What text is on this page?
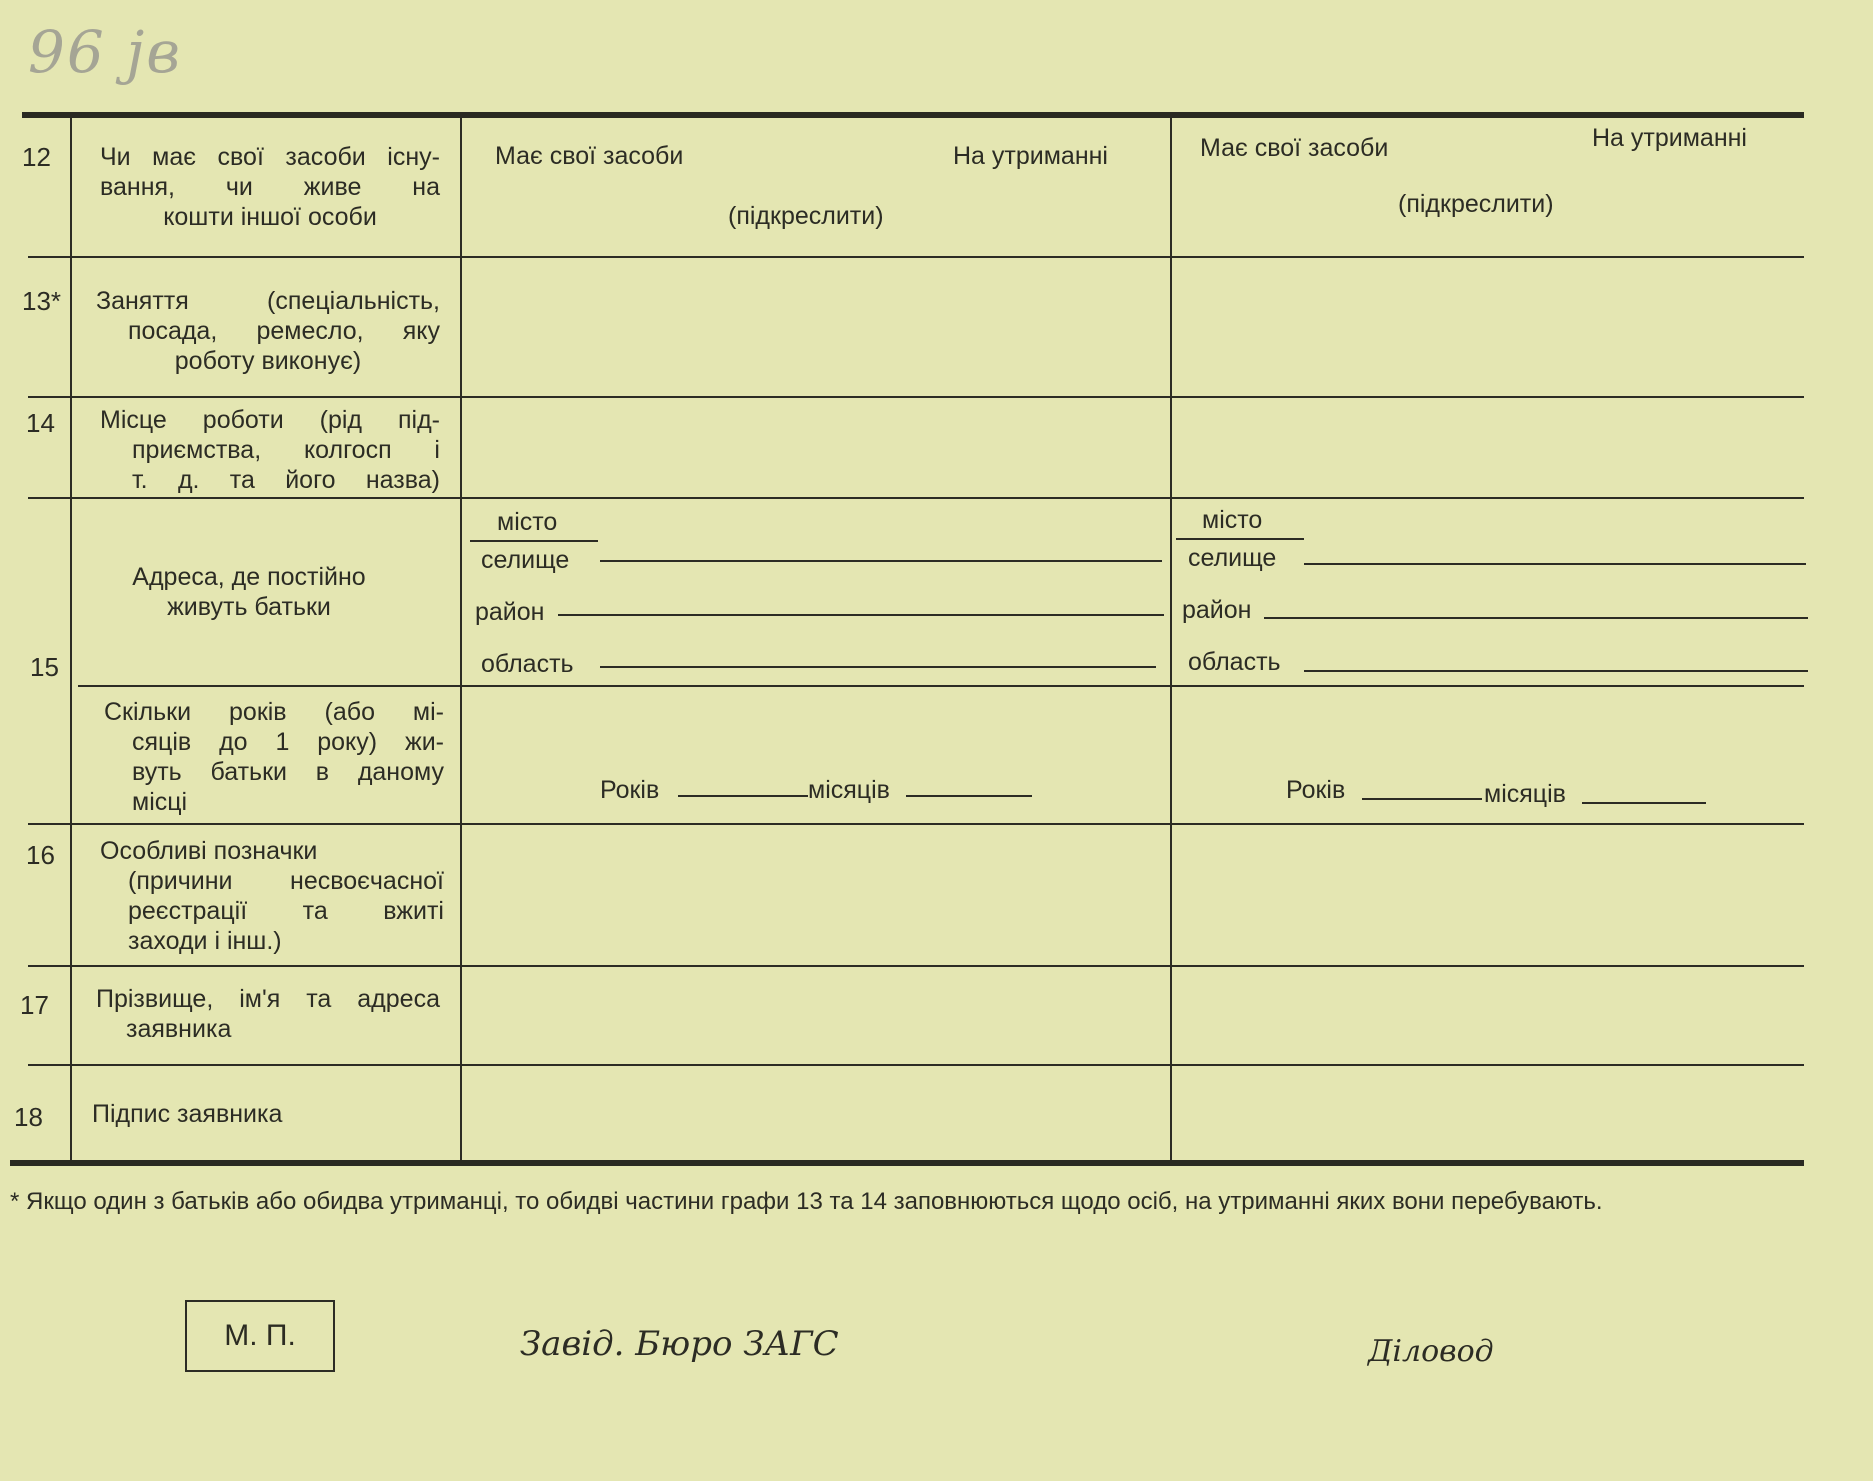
96 jв
12 Чи має свої засоби існу-
вання, чи живе на
кошти іншої особи
Має свої засоби	На утриманні
(підкреслити)
Має свої засоби	На утриманні
(підкреслити)
13* Заняття (спеціальність,
посада, ремесло, яку
роботу виконує)
14 Місце роботи (рід під-
приємства, колгосп і
т. д. та його назва)
15
Адреса, де постійно
живуть батьки
місто
селище
район
область
місто
селище
район
область
Скільки років (або мі-
сяців до 1 року) жи-
вуть батьки в даному
місці	Років	місяців	Років	місяців
16 Особливі позначки
(причини несвоєчасної
реєстрації та вжиті
заходи і інш.)
17 Прізвище, ім'я та адреса
заявника
18 Підпис заявника
* Якщо один з батьків або обидва утриманці, то обидві частини графи 13 та 14 заповнюються щодо осіб, на утриманні яких вони перебувають.
М. П.	Завід. Бюро ЗАГС	Діловод
